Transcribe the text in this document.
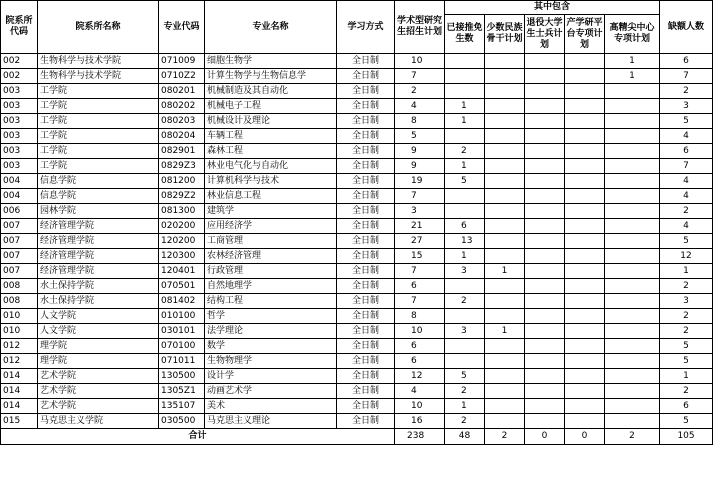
院系所代码	院系所名称	专业代码	专业名称	学习方式	学术型研究生招生计划	其中包含					缺额人数
						已接推免生数	少数民族骨干计划	退役大学生士兵计划	产学研平台专项计划	高精尖中心专项计划	
002	生物科学与技术学院	071009	细胞生物学	全日制	10					1	6
002	生物科学与技术学院	0710Z2	计算生物学与生物信息学	全日制	7					1	7
003	工学院	080201	机械制造及其自动化	全日制	2						2
003	工学院	080202	机械电子工程	全日制	4	1					3
003	工学院	080203	机械设计及理论	全日制	8	1					5
003	工学院	080204	车辆工程	全日制	5						4
003	工学院	082901	森林工程	全日制	9	2					6
003	工学院	0829Z3	林业电气化与自动化	全日制	9	1					7
004	信息学院	081200	计算机科学与技术	全日制	19	5					4
004	信息学院	0829Z2	林业信息工程	全日制	7						4
006	园林学院	081300	建筑学	全日制	3						2
007	经济管理学院	020200	应用经济学	全日制	21	6					4
007	经济管理学院	120200	工商管理	全日制	27	13					5
007	经济管理学院	120300	农林经济管理	全日制	15	1					12
007	经济管理学院	120401	行政管理	全日制	7	3	1				1
008	水土保持学院	070501	自然地理学	全日制	6						2
008	水土保持学院	081402	结构工程	全日制	7	2					3
010	人文学院	010100	哲学	全日制	8						2
010	人文学院	030101	法学理论	全日制	10	3	1				2
012	理学院	070100	数学	全日制	6						5
012	理学院	071011	生物物理学	全日制	6						5
014	艺术学院	130500	设计学	全日制	12	5					1
014	艺术学院	1305Z1	动画艺术学	全日制	4	2					2
014	艺术学院	135107	美术	全日制	10	1					6
015	马克思主义学院	030500	马克思主义理论	全日制	16	2					5
合计					238	48	2	0	0	2	105
